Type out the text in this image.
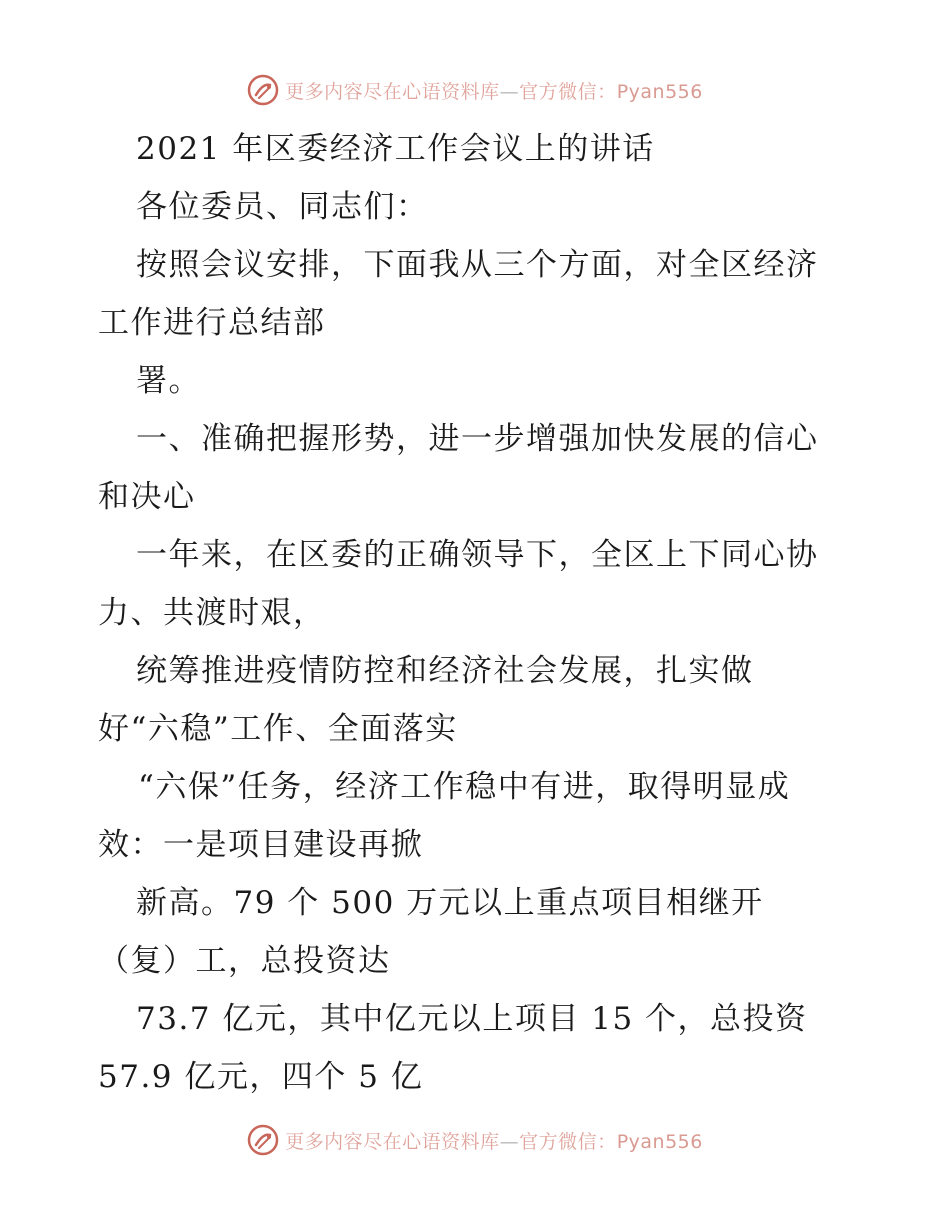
更多内容尽在心语资料库—官方微信：Pyan556
2021 年区委经济工作会议上的讲话
各位委员、同志们：
按照会议安排，下面我从三个方面，对全区经济
工作进行总结部
署。
一、准确把握形势，进一步增强加快发展的信心
和决心
一年来，在区委的正确领导下，全区上下同心协
力、共渡时艰，
统筹推进疫情防控和经济社会发展，扎实做
好“六稳”工作、全面落实
“六保”任务，经济工作稳中有进，取得明显成
效：一是项目建设再掀
新高。79 个 500 万元以上重点项目相继开
（复）工，总投资达
73.7 亿元，其中亿元以上项目 15 个，总投资
57.9 亿元，四个 5 亿
更多内容尽在心语资料库—官方微信：Pyan556
